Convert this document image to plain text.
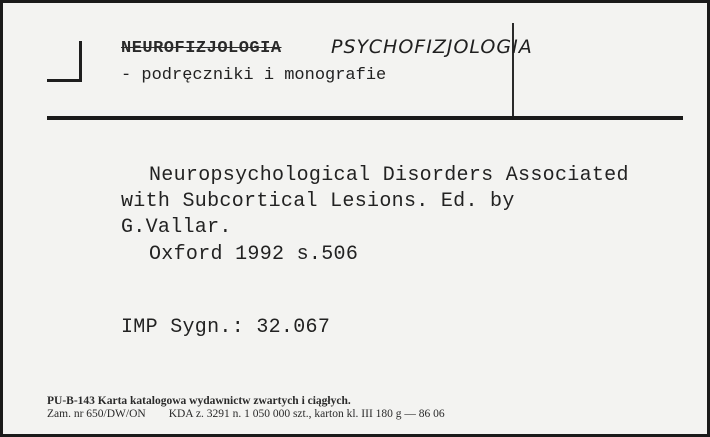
NEUROFIZJOLOGIA	PSYCHOFIZJOLOGIA
- podręczniki i monografie
Neuropsychological Disorders Associated
with Subcortical Lesions. Ed. by
G.Vallar.
Oxford 1992 s.506
IMP Sygn.: 32.067
PU-B-143 Karta katalogowa wydawnictw zwartych i ciągłych.
Zam. nr 650/DW/ON        KDA z. 3291 n. 1 050 000 szt., karton kl. III 180 g — 86 06
